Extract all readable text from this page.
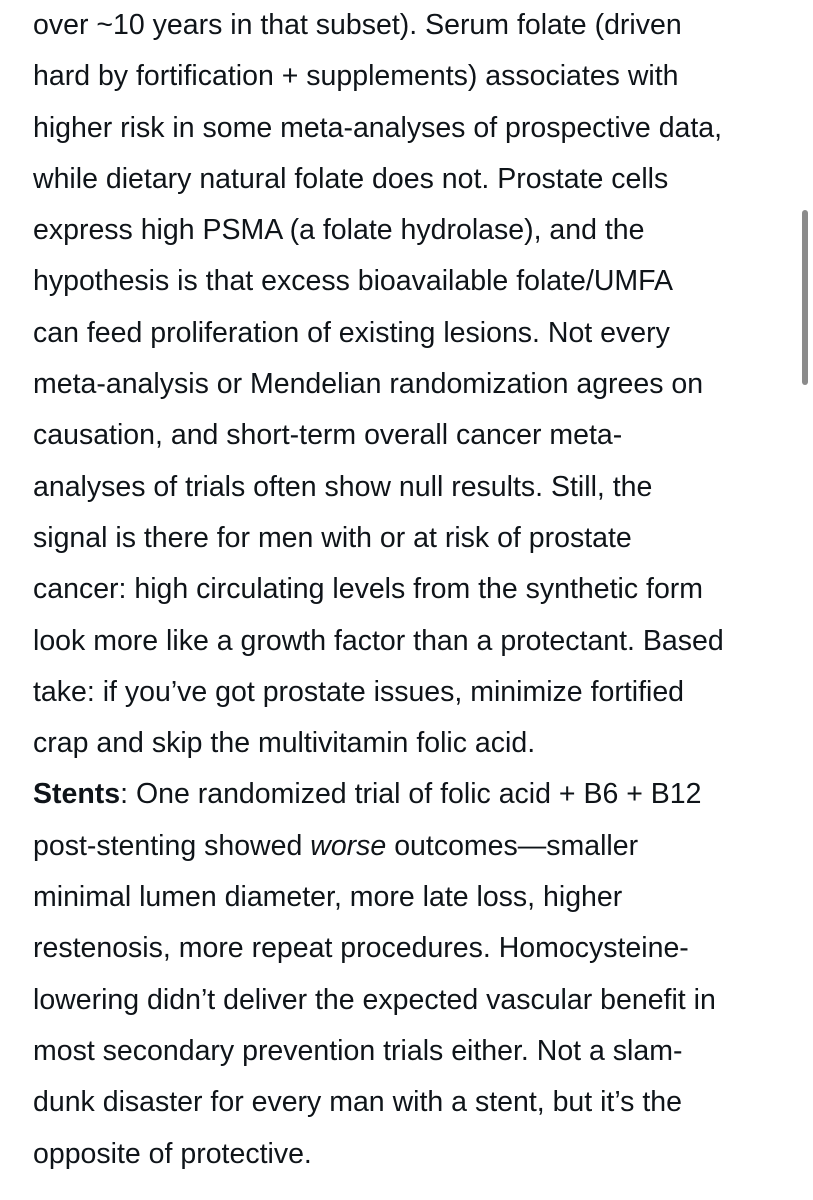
over ~10 years in that subset). Serum folate (driven
hard by fortification + supplements) associates with
higher risk in some meta-analyses of prospective data,
while dietary natural folate does not. Prostate cells
express high PSMA (a folate hydrolase), and the
hypothesis is that excess bioavailable folate/UMFA
can feed proliferation of existing lesions. Not every
meta-analysis or Mendelian randomization agrees on
causation, and short-term overall cancer meta-
analyses of trials often show null results. Still, the
signal is there for men with or at risk of prostate
cancer: high circulating levels from the synthetic form
look more like a growth factor than a protectant. Based
take: if you’ve got prostate issues, minimize fortified
crap and skip the multivitamin folic acid.
Stents: One randomized trial of folic acid + B6 + B12
post-stenting showed worse outcomes—smaller
minimal lumen diameter, more late loss, higher
restenosis, more repeat procedures. Homocysteine-
lowering didn’t deliver the expected vascular benefit in
most secondary prevention trials either. Not a slam-
dunk disaster for every man with a stent, but it’s the
opposite of protective.
